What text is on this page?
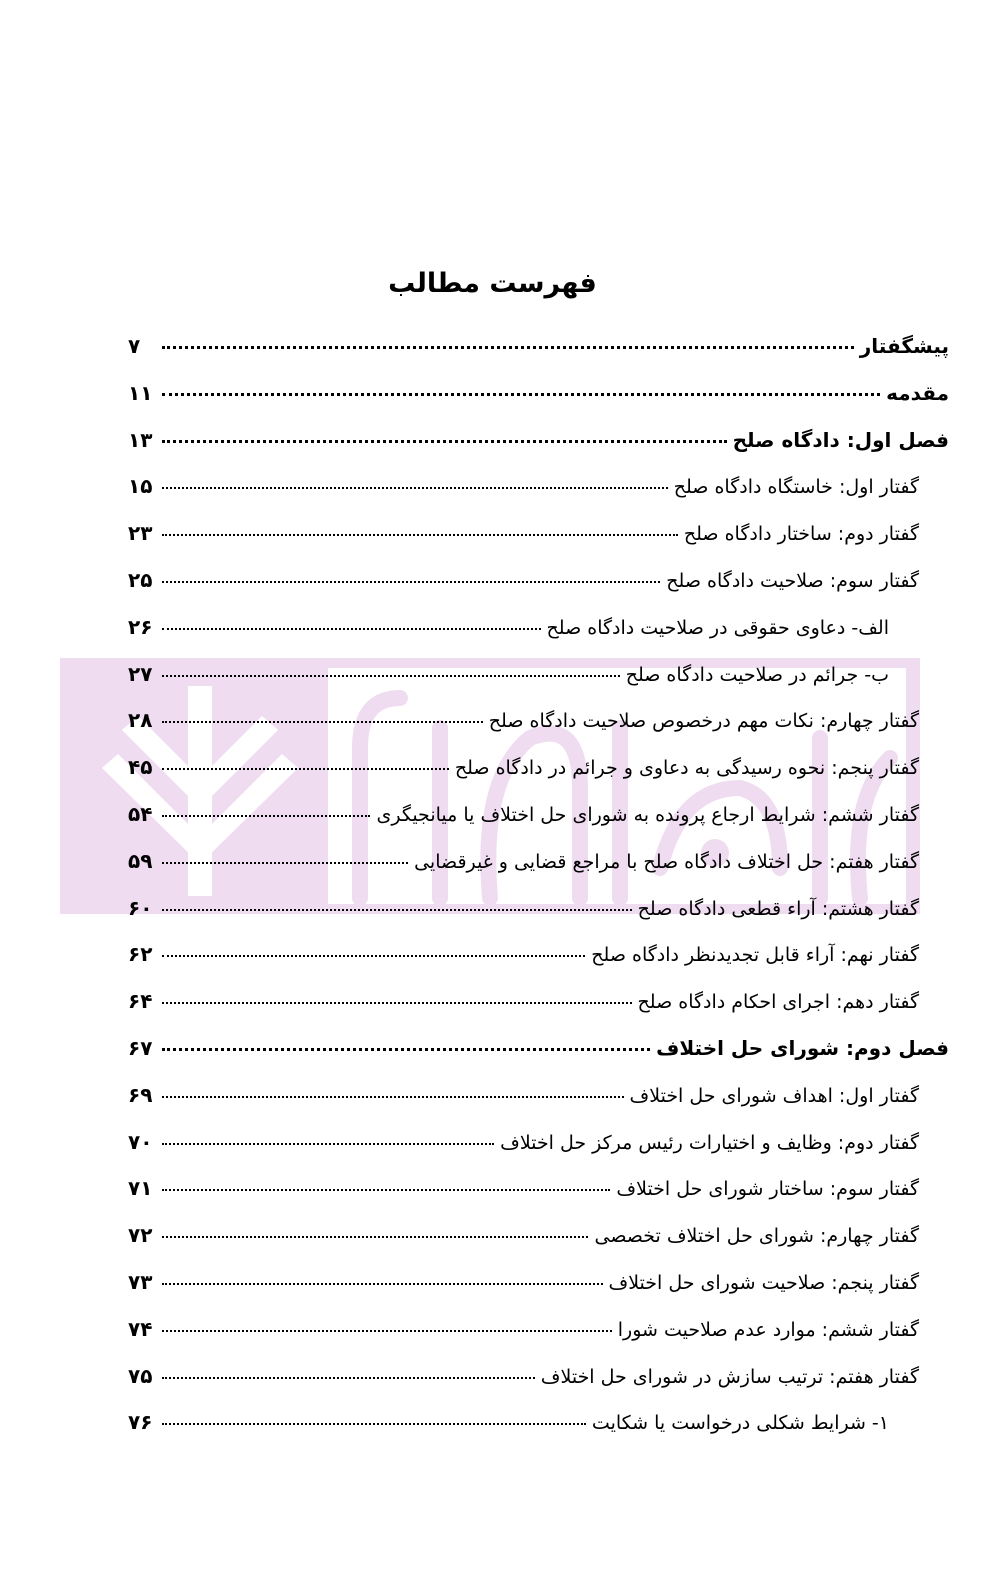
فهرست مطالب
پیشگفتار
۷
مقدمه
۱۱
فصل اول: دادگاه صلح
۱۳
گفتار اول: خاستگاه دادگاه صلح
۱۵
گفتار دوم: ساختار دادگاه صلح
۲۳
گفتار سوم: صلاحیت دادگاه صلح
۲۵
الف- دعاوی حقوقی در صلاحیت دادگاه صلح
۲۶
ب- جرائم در صلاحیت دادگاه صلح
۲۷
گفتار چهارم: نکات مهم درخصوص صلاحیت دادگاه صلح
۲۸
گفتار پنجم: نحوه رسیدگی به دعاوی و جرائم در دادگاه صلح
۴۵
گفتار ششم: شرایط ارجاع پرونده به شورای حل اختلاف یا میانجیگری
۵۴
گفتار هفتم: حل اختلاف دادگاه صلح با مراجع قضایی و غیرقضایی
۵۹
گفتار هشتم: آراء قطعی دادگاه صلح
۶۰
گفتار نهم: آراء قابل تجدیدنظر دادگاه صلح
۶۲
گفتار دهم: اجرای احکام دادگاه صلح
۶۴
فصل دوم: شورای حل اختلاف
۶۷
گفتار اول: اهداف شورای حل اختلاف
۶۹
گفتار دوم: وظایف و اختیارات رئیس مرکز حل اختلاف
۷۰
گفتار سوم: ساختار شورای حل اختلاف
۷۱
گفتار چهارم: شورای حل اختلاف تخصصی
۷۲
گفتار پنجم: صلاحیت شورای حل اختلاف
۷۳
گفتار ششم: موارد عدم صلاحیت شورا
۷۴
گفتار هفتم: ترتیب سازش در شورای حل اختلاف
۷۵
۱- شرایط شکلی درخواست یا شکایت
۷۶
